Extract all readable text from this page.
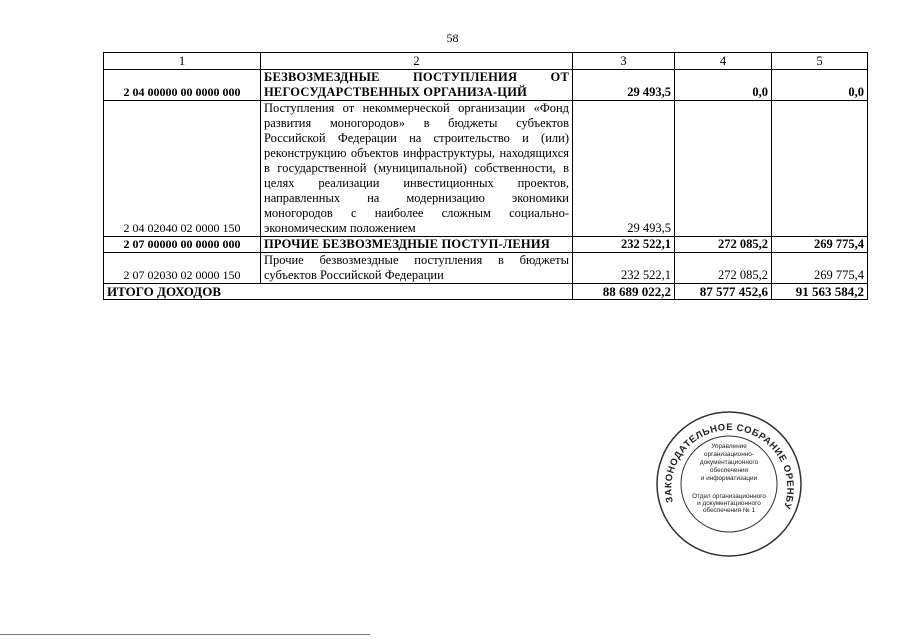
58
1	2	3	4	5
2 04 00000 00 0000 000	БЕЗВОЗМЕЗДНЫЕ ПОСТУПЛЕНИЯ ОТ НЕГОСУДАРСТВЕННЫХ ОРГАНИЗА-ЦИЙ	29 493,5	0,0	0,0
2 04 02040 02 0000 150	Поступления от некоммерческой организации «Фонд развития моногородов» в бюджеты субъектов Российской Федерации на строительство и (или) реконструкцию объектов инфраструктуры, находящихся в государственной (муниципальной) собственности, в целях реализации инвестиционных проектов, направленных на модернизацию экономики моногородов с наиболее сложным социально-экономическим положением	29 493,5		
2 07 00000 00 0000 000	ПРОЧИЕ БЕЗВОЗМЕЗДНЫЕ ПОСТУП-ЛЕНИЯ	232 522,1	272 085,2	269 775,4
2 07 02030 02 0000 150	Прочие безвозмездные поступления в бюджеты субъектов Российской Федерации	232 522,1	272 085,2	269 775,4
ИТОГО ДОХОДОВ		88 689 022,2	87 577 452,6	91 563 584,2
ЗАКОНОДАТЕЛЬНОЕ СОБРАНИЕ ОРЕНБУ
Управление
организационно-
документационного
обеспечения
и информатизации
Отдел организационного
и документационного
обеспечения № 1
